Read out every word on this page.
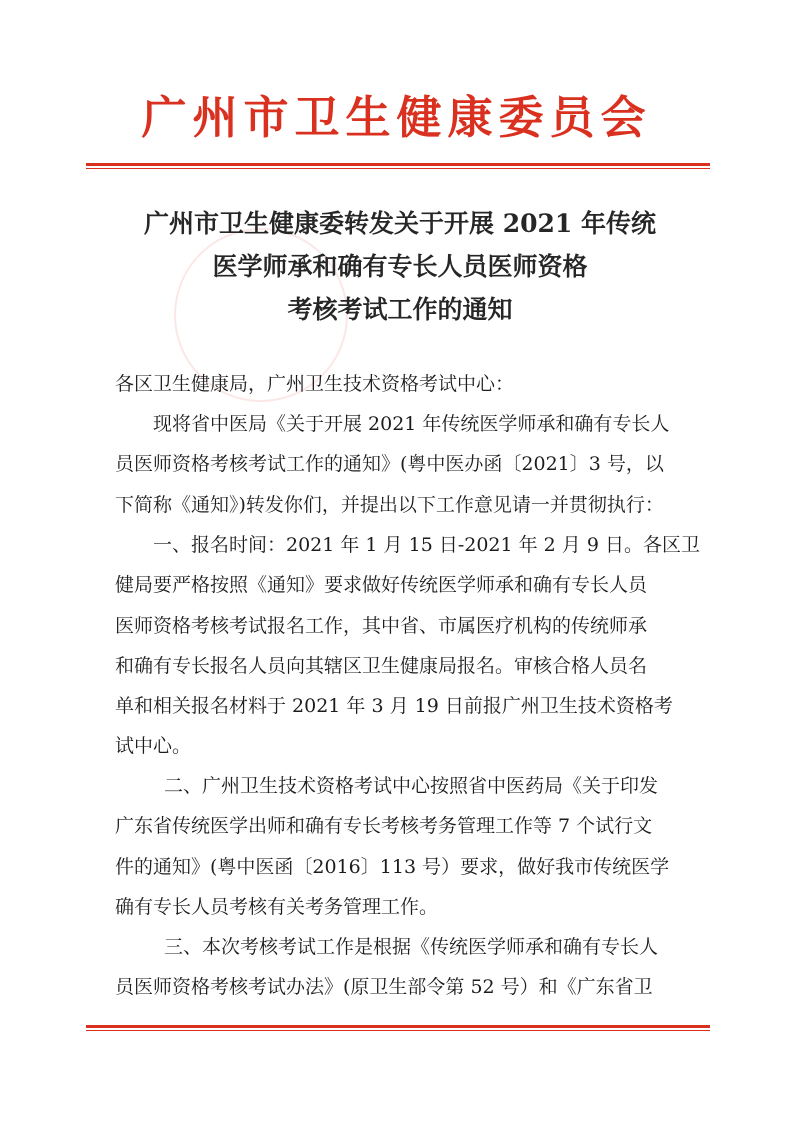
广州市卫生健康委员会
广州市卫生健康委转发关于开展 2021 年传统
医学师承和确有专长人员医师资格
考核考试工作的通知
各区卫生健康局，广州卫生技术资格考试中心：
现将省中医局《关于开展 2021 年传统医学师承和确有专长人
员医师资格考核考试工作的通知》(粤中医办函〔2021〕3 号，以
下简称《通知》)转发你们，并提出以下工作意见请一并贯彻执行：
一、报名时间：2021 年 1 月 15 日-2021 年 2 月 9 日。各区卫
健局要严格按照《通知》要求做好传统医学师承和确有专长人员
医师资格考核考试报名工作，其中省、市属医疗机构的传统师承
和确有专长报名人员向其辖区卫生健康局报名。审核合格人员名
单和相关报名材料于 2021 年 3 月 19 日前报广州卫生技术资格考
试中心。
二、广州卫生技术资格考试中心按照省中医药局《关于印发
广东省传统医学出师和确有专长考核考务管理工作等 7 个试行文
件的通知》(粤中医函〔2016〕113 号）要求，做好我市传统医学
确有专长人员考核有关考务管理工作。
三、本次考核考试工作是根据《传统医学师承和确有专长人
员医师资格考核考试办法》(原卫生部令第 52 号）和《广东省卫
